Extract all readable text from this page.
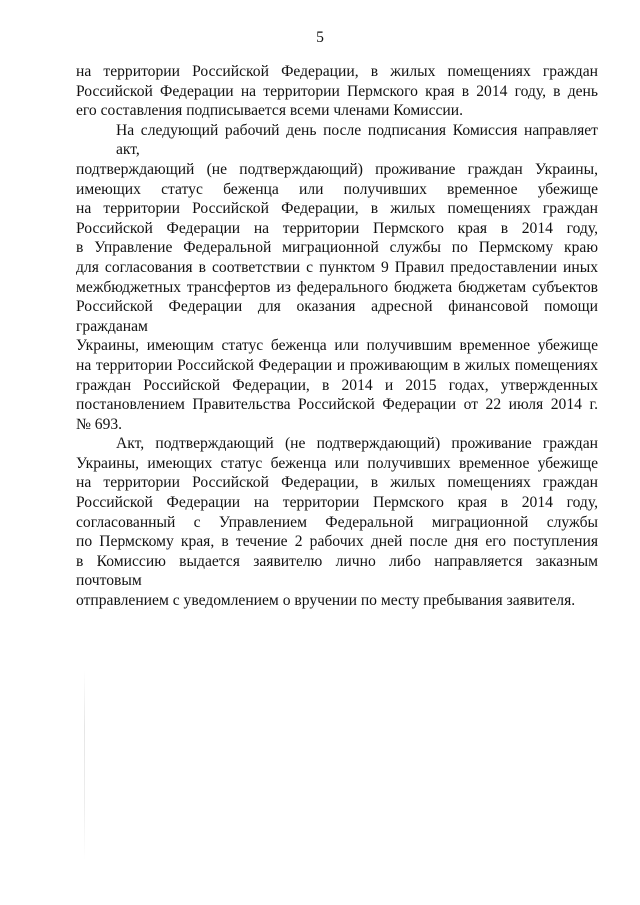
5

на территории Российской Федерации, в жилых помещениях граждан
Российской Федерации на территории Пермского края в 2014 году, в день
его составления подписывается всеми членами Комиссии.

На следующий рабочий день после подписания Комиссия направляет акт,
подтверждающий (не подтверждающий) проживание граждан Украины,
имеющих статус беженца или получивших временное убежище
на территории Российской Федерации, в жилых помещениях граждан
Российской Федерации на территории Пермского края в 2014 году,
в Управление Федеральной миграционной службы по Пермскому краю
для согласования в соответствии с пунктом 9 Правил предоставлении иных
межбюджетных трансфертов из федерального бюджета бюджетам субъектов
Российской Федерации для оказания адресной финансовой помощи гражданам
Украины, имеющим статус беженца или получившим временное убежище
на территории Российской Федерации и проживающим в жилых помещениях
граждан Российской Федерации, в 2014 и 2015 годах, утвержденных
постановлением Правительства Российской Федерации от 22 июля 2014 г.
№ 693.

Акт, подтверждающий (не подтверждающий) проживание граждан
Украины, имеющих статус беженца или получивших временное убежище
на территории Российской Федерации, в жилых помещениях граждан
Российской Федерации на территории Пермского края в 2014 году,
согласованный с Управлением Федеральной миграционной службы
по Пермскому края, в течение 2 рабочих дней после дня его поступления
в Комиссию выдается заявителю лично либо направляется заказным почтовым
отправлением с уведомлением о вручении по месту пребывания заявителя.
